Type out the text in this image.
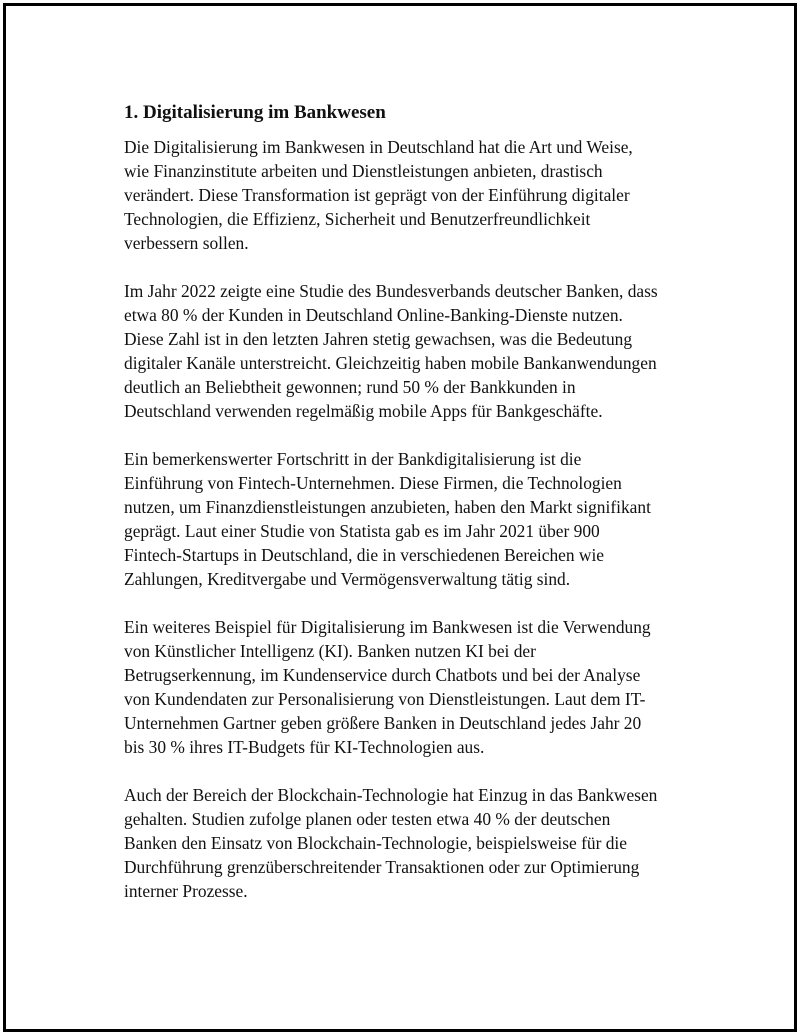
1. Digitalisierung im Bankwesen

Die Digitalisierung im Bankwesen in Deutschland hat die Art und Weise,
wie Finanzinstitute arbeiten und Dienstleistungen anbieten, drastisch
verändert. Diese Transformation ist geprägt von der Einführung digitaler
Technologien, die Effizienz, Sicherheit und Benutzerfreundlichkeit
verbessern sollen.

Im Jahr 2022 zeigte eine Studie des Bundesverbands deutscher Banken, dass
etwa 80 % der Kunden in Deutschland Online-Banking-Dienste nutzen.
Diese Zahl ist in den letzten Jahren stetig gewachsen, was die Bedeutung
digitaler Kanäle unterstreicht. Gleichzeitig haben mobile Bankanwendungen
deutlich an Beliebtheit gewonnen; rund 50 % der Bankkunden in
Deutschland verwenden regelmäßig mobile Apps für Bankgeschäfte.

Ein bemerkenswerter Fortschritt in der Bankdigitalisierung ist die
Einführung von Fintech-Unternehmen. Diese Firmen, die Technologien
nutzen, um Finanzdienstleistungen anzubieten, haben den Markt signifikant
geprägt. Laut einer Studie von Statista gab es im Jahr 2021 über 900
Fintech-Startups in Deutschland, die in verschiedenen Bereichen wie
Zahlungen, Kreditvergabe und Vermögensverwaltung tätig sind.

Ein weiteres Beispiel für Digitalisierung im Bankwesen ist die Verwendung
von Künstlicher Intelligenz (KI). Banken nutzen KI bei der
Betrugserkennung, im Kundenservice durch Chatbots und bei der Analyse
von Kundendaten zur Personalisierung von Dienstleistungen. Laut dem IT-
Unternehmen Gartner geben größere Banken in Deutschland jedes Jahr 20
bis 30 % ihres IT-Budgets für KI-Technologien aus.

Auch der Bereich der Blockchain-Technologie hat Einzug in das Bankwesen
gehalten. Studien zufolge planen oder testen etwa 40 % der deutschen
Banken den Einsatz von Blockchain-Technologie, beispielsweise für die
Durchführung grenzüberschreitender Transaktionen oder zur Optimierung
interner Prozesse.
